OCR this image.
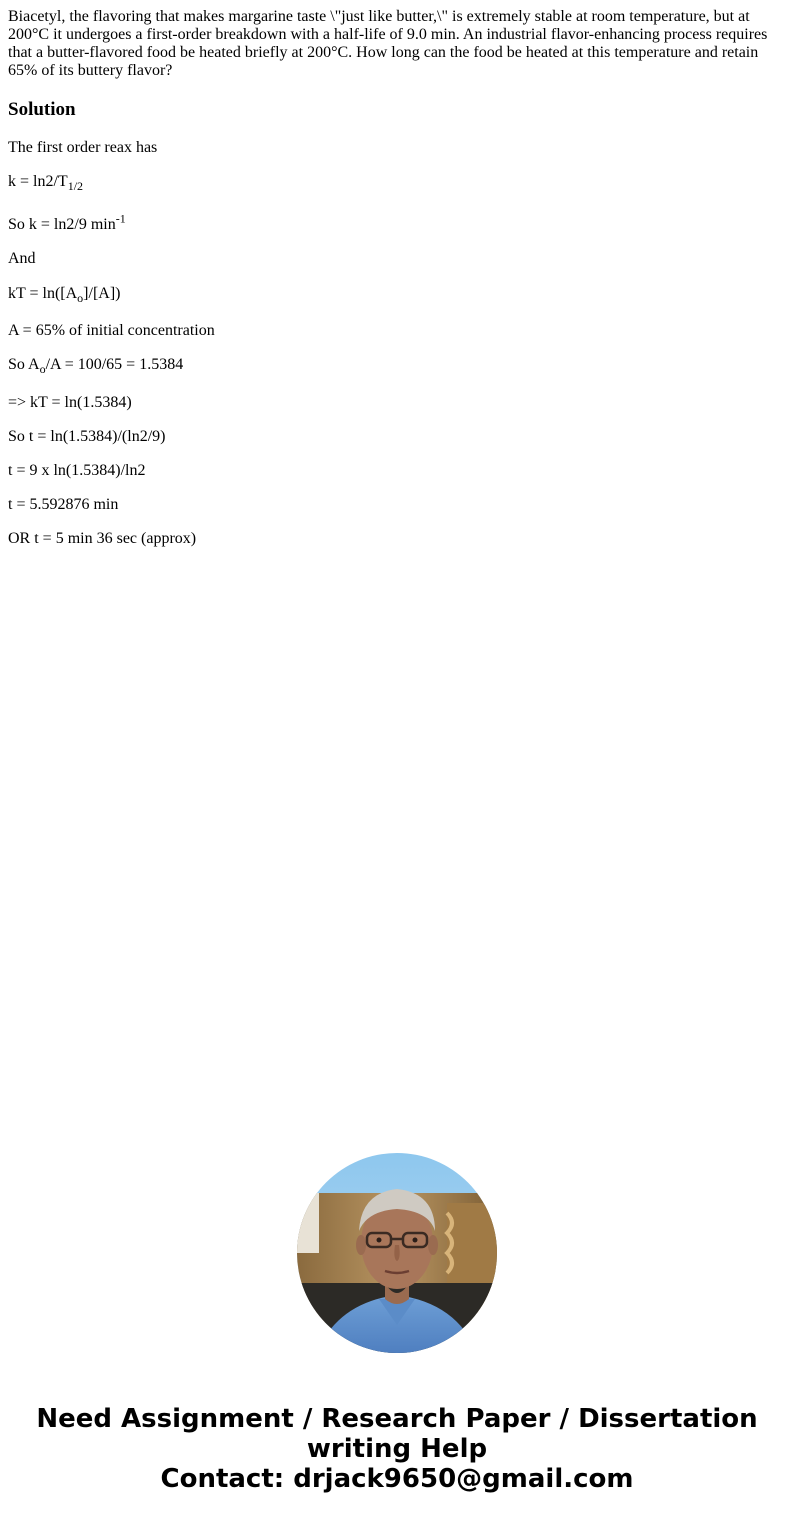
Biacetyl, the flavoring that makes margarine taste \"just like butter,\" is extremely stable at room temperature, but at 200°C it undergoes a first-order breakdown with a half-life of 9.0 min. An industrial flavor-enhancing process requires that a butter-flavored food be heated briefly at 200°C. How long can the food be heated at this temperature and retain 65% of its buttery flavor?

Solution

The first order reax has

$k = \ln 2/T_{1/2}$

So k = ln2/9 $\min^{-1}$

And

kT = $\ln([A_o]/[A])$

A = 65% of initial concentration

So $A_o/A = 100/65 = 1.5384$

=> kT = ln(1.5384)

So t = ln(1.5384)/(ln2/9)

t = 9 x ln(1.5384)/ln2

t = 5.592876 min

OR t = 5 min 36 sec (approx)

Need Assignment / Research Paper / Dissertation
writing Help
Contact: drjack9650@gmail.com
